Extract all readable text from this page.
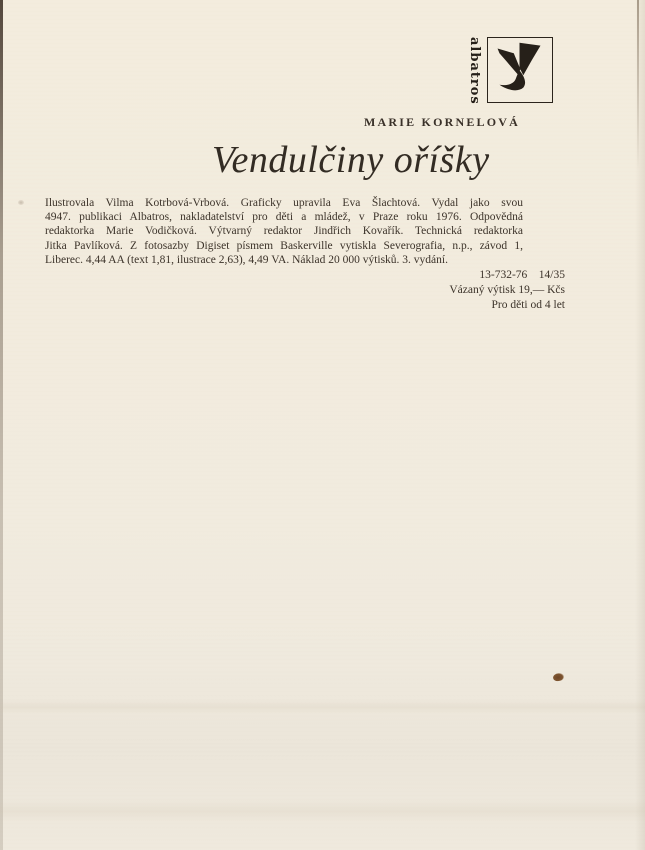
albatros
MARIE KORNELOVÁ
Vendulčiny oříšky
Ilustrovala Vilma Kotrbová-Vrbová. Graficky upravila Eva Šlachtová. Vydal jako svou
4947. publikaci Albatros, nakladatelství pro děti a mládež, v Praze roku 1976. Odpovědná
redaktorka Marie Vodičková. Výtvarný redaktor Jindřich Kovařík. Technická redaktorka
Jitka Pavlíková. Z fotosazby Digiset písmem Baskerville vytiskla Severografia, n.p., závod 1,
Liberec. 4,44 AA (text 1,81, ilustrace 2,63), 4,49 VA. Náklad 20 000 výtisků. 3. vydání.
13-732-76    14/35
Vázaný výtisk 19,— Kčs
Pro děti od 4 let
